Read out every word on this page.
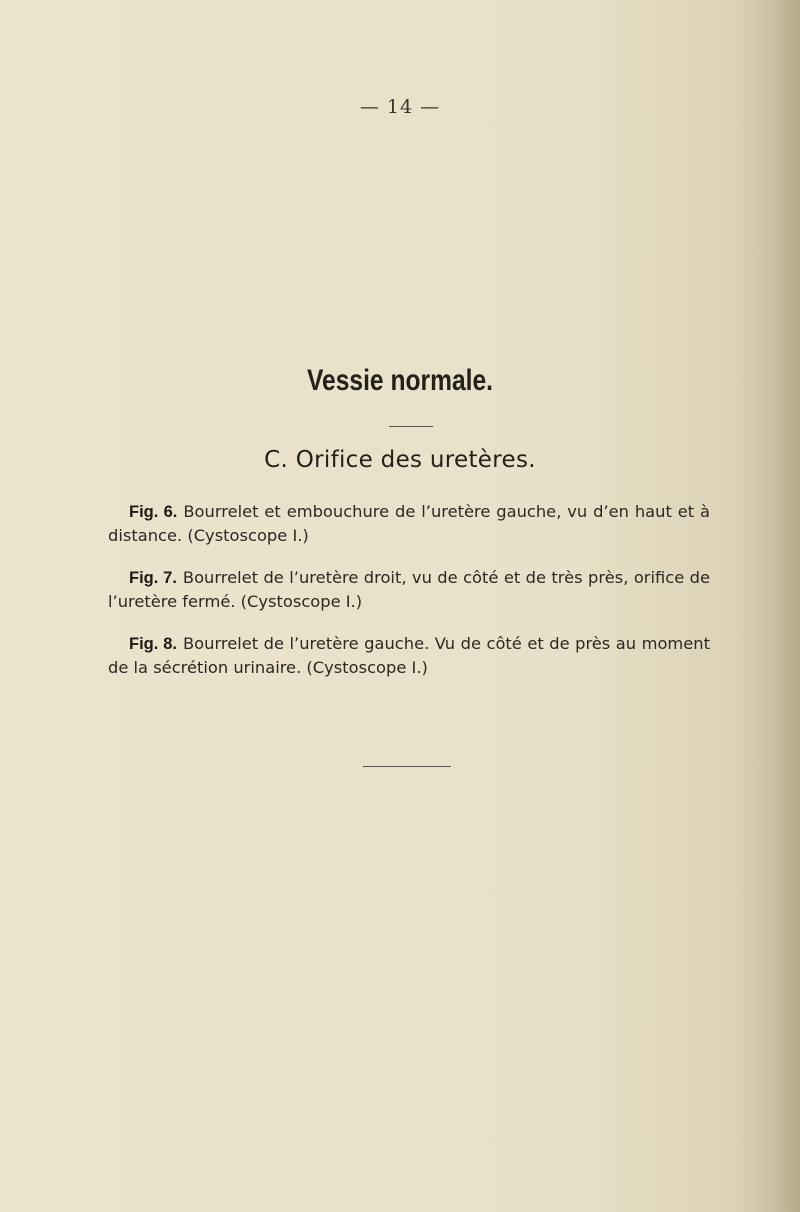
— 14 —
Vessie normale.
C. Orifice des uretères.

Fig. 6. Bourrelet et embouchure de l’uretère gauche, vu d’en haut et à distance. (Cystoscope I.)

Fig. 7. Bourrelet de l’uretère droit, vu de côté et de très près, orifice de l’uretère fermé. (Cystoscope I.)

Fig. 8. Bourrelet de l’uretère gauche. Vu de côté et de près au moment de la sécrétion urinaire. (Cystoscope I.)
